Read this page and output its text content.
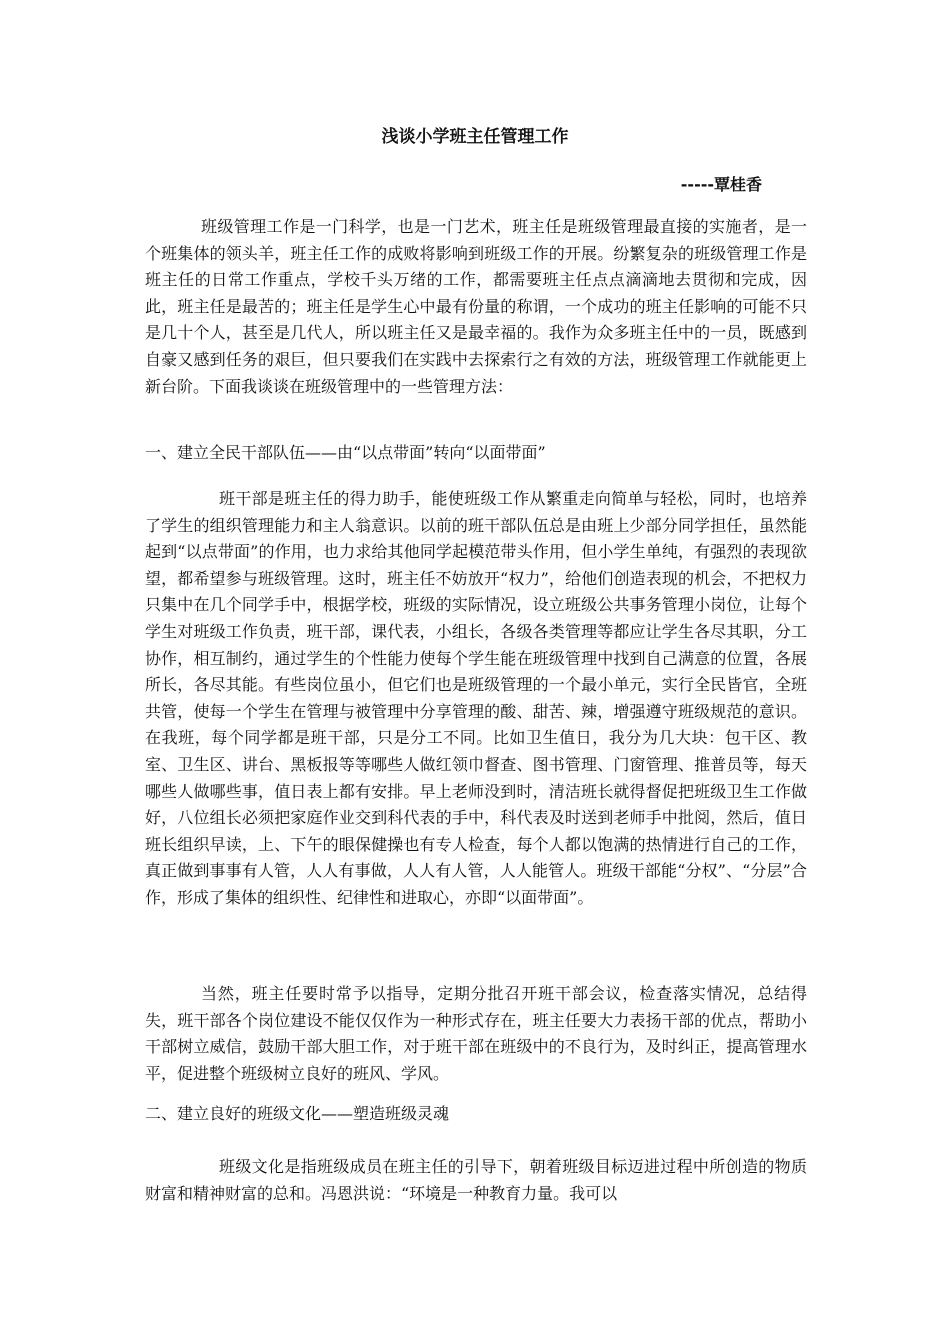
浅谈小学班主任管理工作

-----覃桂香

班级管理工作是一门科学，也是一门艺术，班主任是班级管理最直接的实施者，是一个班集体的领头羊，班主任工作的成败将影响到班级工作的开展。纷繁复杂的班级管理工作是班主任的日常工作重点，学校千头万绪的工作，都需要班主任点点滴滴地去贯彻和完成，因此，班主任是最苦的；班主任是学生心中最有份量的称谓，一个成功的班主任影响的可能不只是几十个人，甚至是几代人，所以班主任又是最幸福的。我作为众多班主任中的一员，既感到自豪又感到任务的艰巨，但只要我们在实践中去探索行之有效的方法，班级管理工作就能更上新台阶。下面我谈谈在班级管理中的一些管理方法：

一、建立全民干部队伍——由“以点带面”转向“以面带面”

班干部是班主任的得力助手，能使班级工作从繁重走向简单与轻松，同时，也培养了学生的组织管理能力和主人翁意识。以前的班干部队伍总是由班上少部分同学担任，虽然能起到“以点带面”的作用，也力求给其他同学起模范带头作用，但小学生单纯，有强烈的表现欲望，都希望参与班级管理。这时，班主任不妨放开“权力”，给他们创造表现的机会，不把权力只集中在几个同学手中，根据学校，班级的实际情况，设立班级公共事务管理小岗位，让每个学生对班级工作负责，班干部，课代表，小组长，各级各类管理等都应让学生各尽其职，分工协作，相互制约，通过学生的个性能力使每个学生能在班级管理中找到自己满意的位置，各展所长，各尽其能。有些岗位虽小，但它们也是班级管理的一个最小单元，实行全民皆官，全班共管，使每一个学生在管理与被管理中分享管理的酸、甜苦、辣，增强遵守班级规范的意识。在我班，每个同学都是班干部，只是分工不同。比如卫生值日，我分为几大块：包干区、教室、卫生区、讲台、黑板报等等哪些人做红领巾督查、图书管理、门窗管理、推普员等，每天哪些人做哪些事，值日表上都有安排。早上老师没到时，清洁班长就得督促把班级卫生工作做好，八位组长必须把家庭作业交到科代表的手中，科代表及时送到老师手中批阅，然后，值日班长组织早读，上、下午的眼保健操也有专人检查，每个人都以饱满的热情进行自己的工作，真正做到事事有人管，人人有事做，人人有人管，人人能管人。班级干部能“分权”、“分层”合作，形成了集体的组织性、纪律性和进取心，亦即“以面带面”。

当然，班主任要时常予以指导，定期分批召开班干部会议，检查落实情况，总结得失，班干部各个岗位建设不能仅仅作为一种形式存在，班主任要大力表扬干部的优点，帮助小干部树立威信，鼓励干部大胆工作，对于班干部在班级中的不良行为，及时纠正，提高管理水平，促进整个班级树立良好的班风、学风。

二、建立良好的班级文化——塑造班级灵魂

班级文化是指班级成员在班主任的引导下，朝着班级目标迈进过程中所创造的物质财富和精神财富的总和。冯恩洪说：“环境是一种教育力量。我可以
